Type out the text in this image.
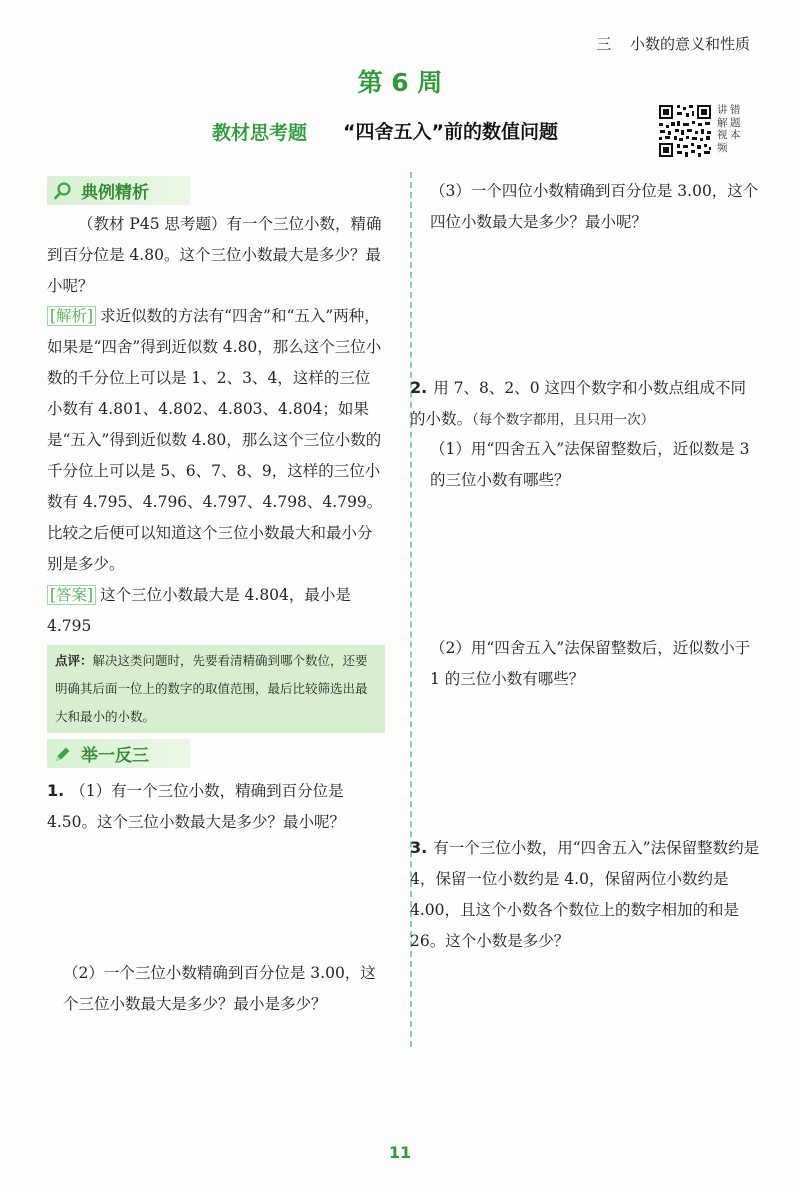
三 小数的意义和性质
第 6 周
教材思考题 “四舍五入”前的数值问题
讲解视频
错题本
典例精析
（教材 P45 思考题）有一个三位小数，精确到百分位是 4.80。这个三位小数最大是多少？最小呢？
[解析] 求近似数的方法有“四舍”和“五入”两种，如果是“四舍”得到近似数 4.80，那么这个三位小数的千分位上可以是 1、2、3、4，这样的三位小数有 4.801、4.802、4.803、4.804；如果是“五入”得到近似数 4.80，那么这个三位小数的千分位上可以是 5、6、7、8、9，这样的三位小数有 4.795、4.796、4.797、4.798、4.799。比较之后便可以知道这个三位小数最大和最小分别是多少。
[答案] 这个三位小数最大是 4.804，最小是 4.795
点评：解决这类问题时，先要看清精确到哪个数位，还要明确其后面一位上的数字的取值范围，最后比较筛选出最大和最小的小数。
举一反三
1. （1）有一个三位小数，精确到百分位是 4.50。这个三位小数最大是多少？最小呢？
（2）一个三位小数精确到百分位是 3.00，这个三位小数最大是多少？最小是多少？
（3）一个四位小数精确到百分位是 3.00，这个四位小数最大是多少？最小呢？
2. 用 7、8、2、0 这四个数字和小数点组成不同的小数。（每个数字都用，且只用一次）
（1）用“四舍五入”法保留整数后，近似数是 3 的三位小数有哪些？
（2）用“四舍五入”法保留整数后，近似数小于 1 的三位小数有哪些？
3. 有一个三位小数，用“四舍五入”法保留整数约是 4，保留一位小数约是 4.0，保留两位小数约是 4.00，且这个小数各个数位上的数字相加的和是 26。这个小数是多少？
11
